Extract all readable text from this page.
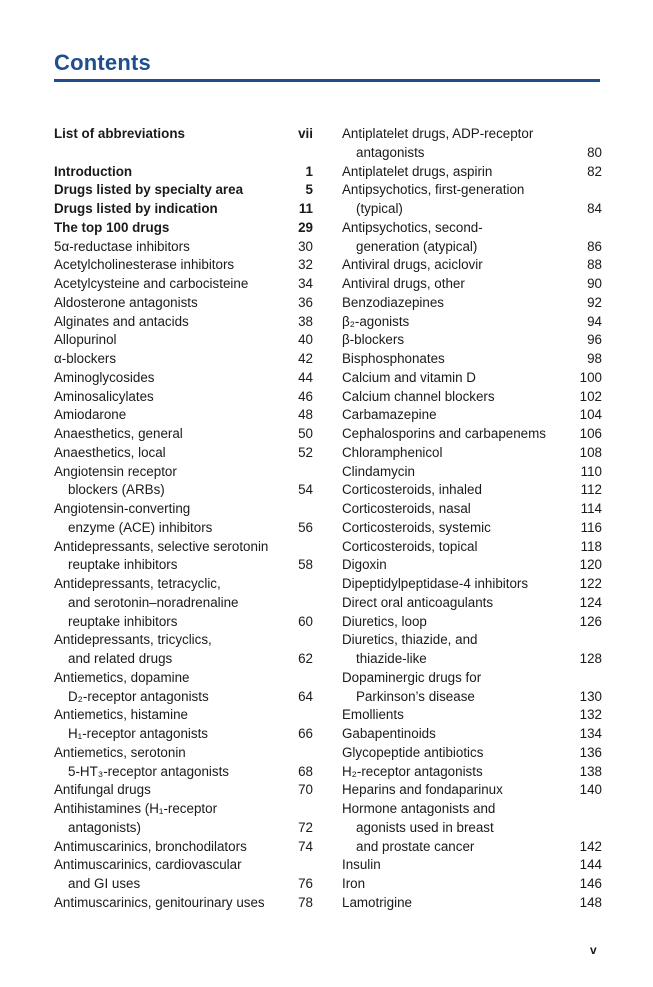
Contents
List of abbreviations	vii
Introduction	1
Drugs listed by specialty area	5
Drugs listed by indication	11
The top 100 drugs	29
5α-reductase inhibitors	30
Acetylcholinesterase inhibitors	32
Acetylcysteine and carbocisteine	34
Aldosterone antagonists	36
Alginates and antacids	38
Allopurinol	40
α-blockers	42
Aminoglycosides	44
Aminosalicylates	46
Amiodarone	48
Anaesthetics, general	50
Anaesthetics, local	52
Angiotensin receptor
blockers (ARBs)	54
Angiotensin-converting
enzyme (ACE) inhibitors	56
Antidepressants, selective serotonin
reuptake inhibitors	58
Antidepressants, tetracyclic,
and serotonin–noradrenaline
reuptake inhibitors	60
Antidepressants, tricyclics,
and related drugs	62
Antiemetics, dopamine
D₂-receptor antagonists	64
Antiemetics, histamine
H₁-receptor antagonists	66
Antiemetics, serotonin
5-HT₃-receptor antagonists	68
Antifungal drugs	70
Antihistamines (H₁-receptor
antagonists)	72
Antimuscarinics, bronchodilators	74
Antimuscarinics, cardiovascular
and GI uses	76
Antimuscarinics, genitourinary uses	78
Antiplatelet drugs, ADP-receptor
antagonists	80
Antiplatelet drugs, aspirin	82
Antipsychotics, first-generation
(typical)	84
Antipsychotics, second-
generation (atypical)	86
Antiviral drugs, aciclovir	88
Antiviral drugs, other	90
Benzodiazepines	92
β₂-agonists	94
β-blockers	96
Bisphosphonates	98
Calcium and vitamin D	100
Calcium channel blockers	102
Carbamazepine	104
Cephalosporins and carbapenems	106
Chloramphenicol	108
Clindamycin	110
Corticosteroids, inhaled	112
Corticosteroids, nasal	114
Corticosteroids, systemic	116
Corticosteroids, topical	118
Digoxin	120
Dipeptidylpeptidase-4 inhibitors	122
Direct oral anticoagulants	124
Diuretics, loop	126
Diuretics, thiazide, and
thiazide-like	128
Dopaminergic drugs for
Parkinson’s disease	130
Emollients	132
Gabapentinoids	134
Glycopeptide antibiotics	136
H₂-receptor antagonists	138
Heparins and fondaparinux	140
Hormone antagonists and
agonists used in breast
and prostate cancer	142
Insulin	144
Iron	146
Lamotrigine	148
v
